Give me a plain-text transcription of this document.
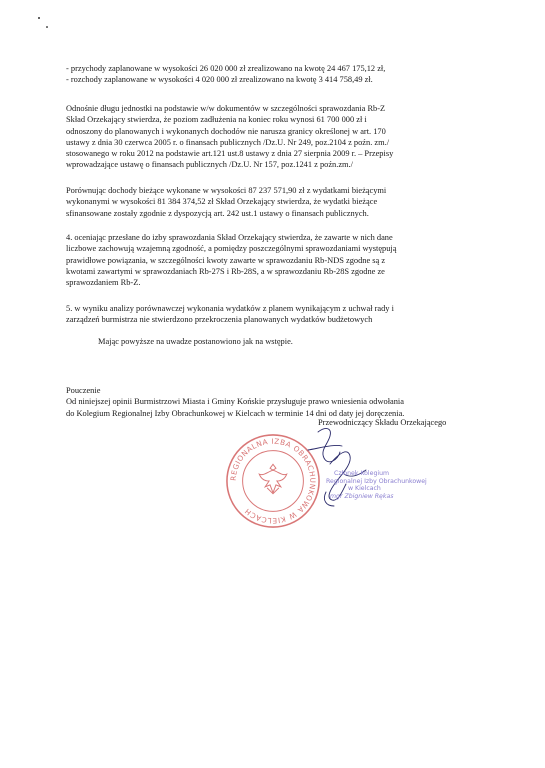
- przychody zaplanowane w wysokości 26 020 000 zł zrealizowano na kwotę 24 467 175,12 zł,
- rozchody zaplanowane w wysokości 4 020 000 zł zrealizowano na kwotę 3 414 758,49 zł.
Odnośnie długu jednostki na podstawie w/w dokumentów w szczególności sprawozdania Rb-Z
Skład Orzekający stwierdza, że poziom zadłużenia na koniec roku wynosi 61 700 000 zł i
odnoszony do planowanych i wykonanych dochodów nie narusza granicy określonej w art. 170
ustawy z dnia 30 czerwca 2005 r. o finansach publicznych /Dz.U. Nr 249, poz.2104 z poźn. zm./
stosowanego w roku 2012 na podstawie art.121 ust.8 ustawy z dnia 27 sierpnia 2009 r. – Przepisy
wprowadzające ustawę o finansach publicznych /Dz.U. Nr 157, poz.1241 z poźn.zm./
Porównując dochody bieżące wykonane w wysokości 87 237 571,90 zł z wydatkami bieżącymi
wykonanymi w wysokości 81 384 374,52 zł Skład Orzekający stwierdza, że wydatki bieżące
sfinansowane zostały zgodnie z dyspozycją art. 242 ust.1 ustawy o finansach publicznych.
4. oceniając przesłane do izby sprawozdania Skład Orzekający stwierdza, że zawarte w nich dane
liczbowe zachowują wzajemną zgodność, a pomiędzy poszczególnymi sprawozdaniami występują
prawidłowe powiązania, w szczególności kwoty zawarte w sprawozdaniu Rb-NDS zgodne są z
kwotami zawartymi w sprawozdaniach Rb-27S i Rb-28S, a w sprawozdaniu Rb-28S zgodne ze
sprawozdaniem Rb-Z.
5. w wyniku analizy porównawczej wykonania wydatków z planem wynikającym z uchwał rady i
zarządzeń burmistrza nie stwierdzono przekroczenia planowanych wydatków budżetowych
Mając powyższe na uwadze postanowiono jak na wstępie.
Pouczenie
Od niniejszej opinii Burmistrzowi Miasta i Gminy Końskie przysługuje prawo wniesienia odwołania
do Kolegium Regionalnej Izby Obrachunkowej w Kielcach w terminie 14 dni od daty jej doręczenia.
Przewodniczący Składu Orzekającego
REGIONALNA IZBA OBRACHUNKOWA W KIELCACH
Członek Kolegium
Regionalnej Izby Obrachunkowej
w Kielcach
mgr Zbigniew Rękas
